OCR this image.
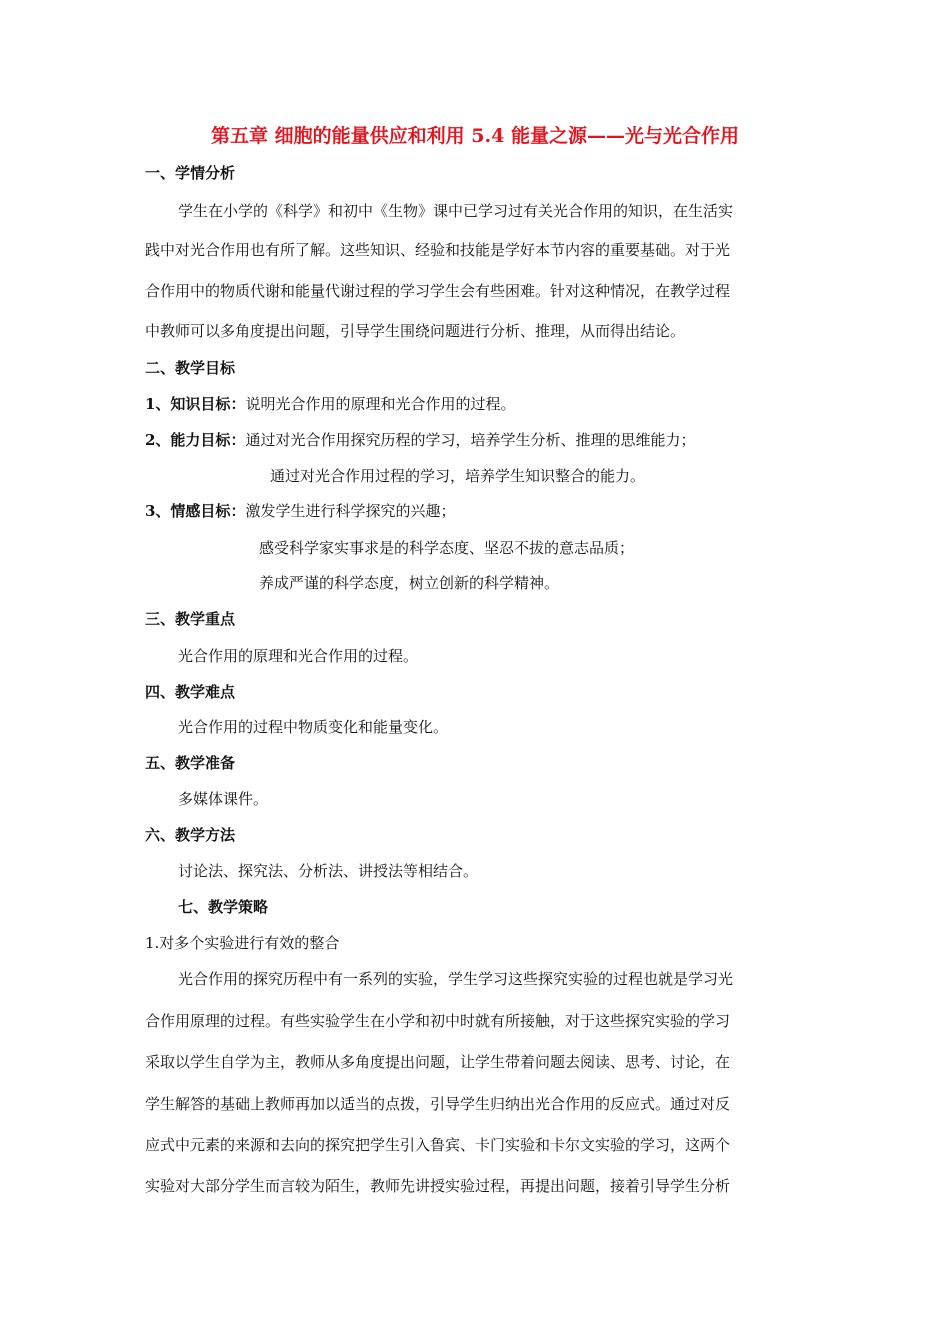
第五章 细胞的能量供应和利用 5.4 能量之源——光与光合作用
一、学情分析
学生在小学的《科学》和初中《生物》课中已学习过有关光合作用的知识，在生活实
践中对光合作用也有所了解。这些知识、经验和技能是学好本节内容的重要基础。对于光
合作用中的物质代谢和能量代谢过程的学习学生会有些困难。针对这种情况，在教学过程
中教师可以多角度提出问题，引导学生围绕问题进行分析、推理，从而得出结论。
二、教学目标
1、知识目标：说明光合作用的原理和光合作用的过程。
2、能力目标：通过对光合作用探究历程的学习，培养学生分析、推理的思维能力；
通过对光合作用过程的学习，培养学生知识整合的能力。
3、情感目标：激发学生进行科学探究的兴趣；
感受科学家实事求是的科学态度、坚忍不拔的意志品质；
养成严谨的科学态度，树立创新的科学精神。
三、教学重点
光合作用的原理和光合作用的过程。
四、教学难点
光合作用的过程中物质变化和能量变化。
五、教学准备
多媒体课件。
六、教学方法
讨论法、探究法、分析法、讲授法等相结合。
七、教学策略
1.对多个实验进行有效的整合
光合作用的探究历程中有一系列的实验，学生学习这些探究实验的过程也就是学习光
合作用原理的过程。有些实验学生在小学和初中时就有所接触，对于这些探究实验的学习
采取以学生自学为主，教师从多角度提出问题，让学生带着问题去阅读、思考、讨论，在
学生解答的基础上教师再加以适当的点拨，引导学生归纳出光合作用的反应式。通过对反
应式中元素的来源和去向的探究把学生引入鲁宾、卡门实验和卡尔文实验的学习，这两个
实验对大部分学生而言较为陌生，教师先讲授实验过程，再提出问题，接着引导学生分析
